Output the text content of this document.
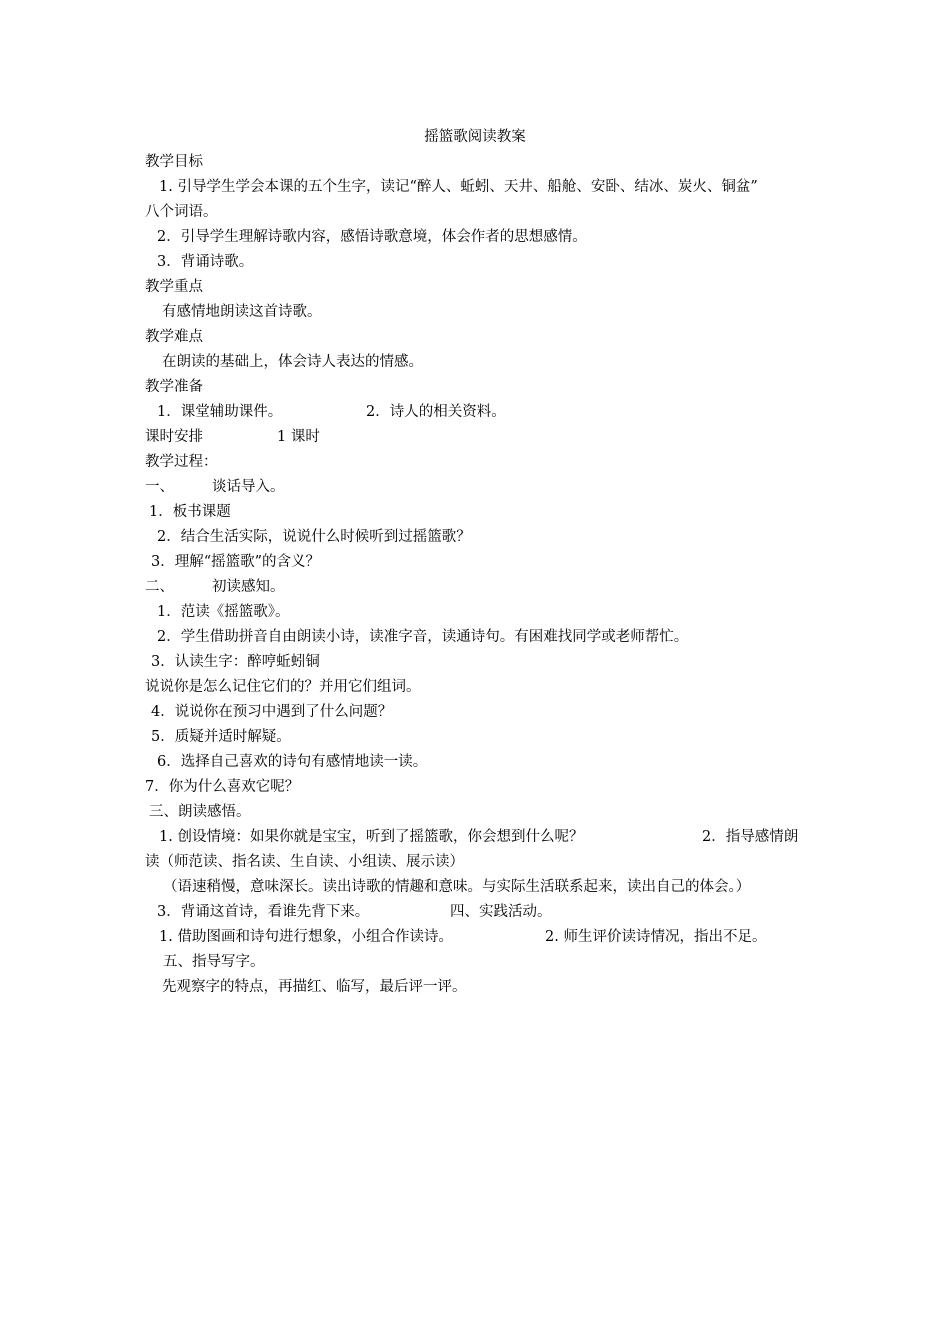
摇篮歌阅读教案
教学目标
1. 引导学生学会本课的五个生字，读记“醉人、蚯蚓、天井、船舱、安卧、结冰、炭火、铜盆”
八个词语。
2．引导学生理解诗歌内容，感悟诗歌意境，体会作者的思想感情。
3．背诵诗歌。
教学重点
有感情地朗读这首诗歌。
教学难点
在朗读的基础上，体会诗人表达的情感。
教学准备
1．课堂辅助课件。	2．诗人的相关资料。
课时安排	1 课时
教学过程：
一、	谈话导入。
1．板书课题
2．结合生活实际，说说什么时候听到过摇篮歌？
3．理解“摇篮歌”的含义？
二、	初读感知。
1．范读《摇篮歌》。
2．学生借助拼音自由朗读小诗，读准字音，读通诗句。有困难找同学或老师帮忙。
3．认读生字：醉哼蚯蚓铜
说说你是怎么记住它们的？并用它们组词。
4．说说你在预习中遇到了什么问题？
5．质疑并适时解疑。
6．选择自己喜欢的诗句有感情地读一读。
7．你为什么喜欢它呢？
三、朗读感悟。
1. 创设情境：如果你就是宝宝，听到了摇篮歌，你会想到什么呢？	2．指导感情朗
读（师范读、指名读、生自读、小组读、展示读）
（语速稍慢，意味深长。读出诗歌的情趣和意味。与实际生活联系起来，读出自己的体会。）
3．背诵这首诗，看谁先背下来。	四、实践活动。
1. 借助图画和诗句进行想象，小组合作读诗。	2. 师生评价读诗情况，指出不足。
五、指导写字。
先观察字的特点，再描红、临写，最后评一评。
